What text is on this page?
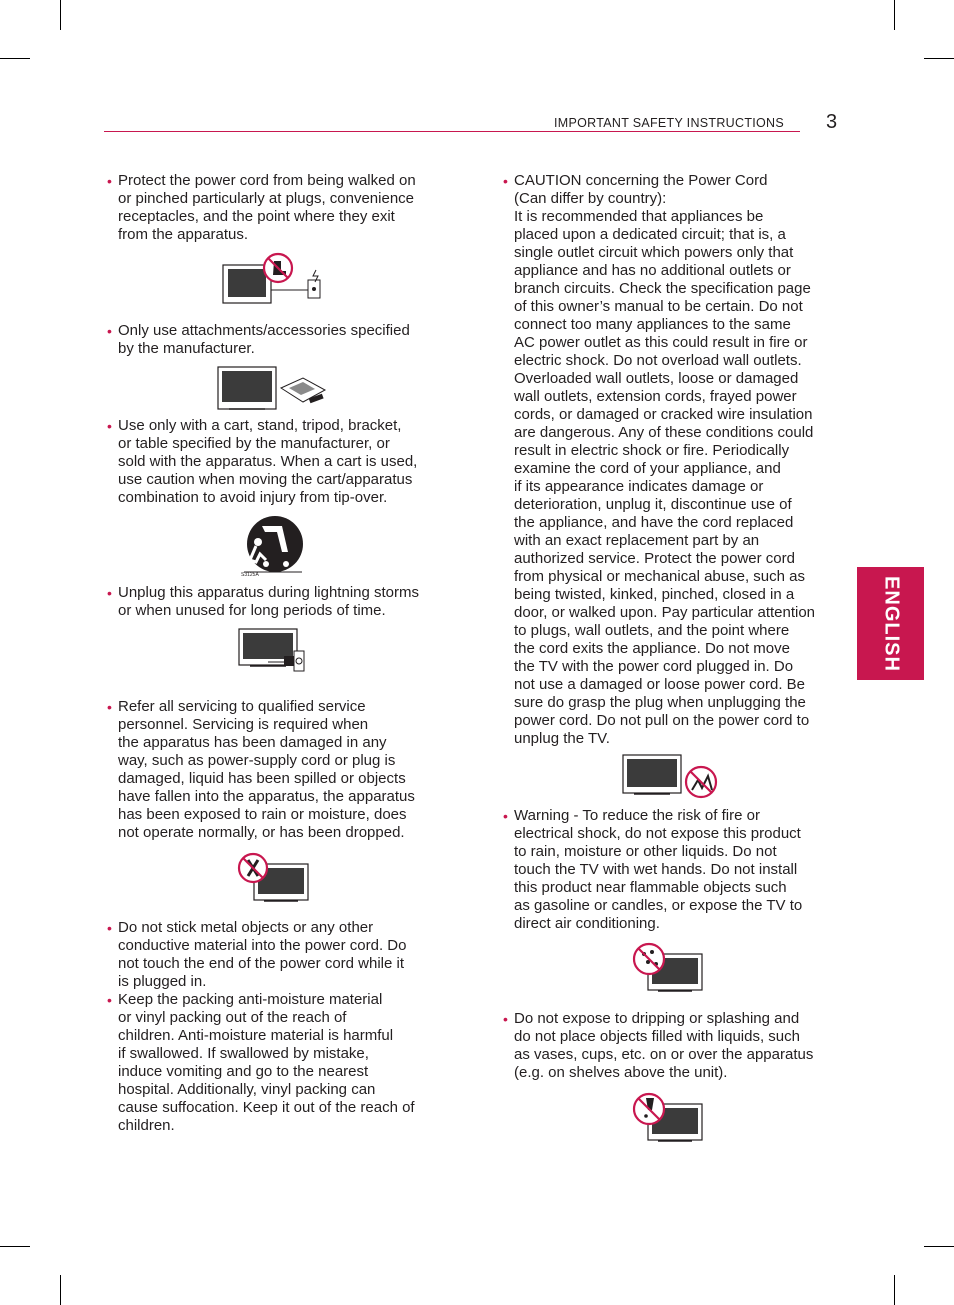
IMPORTANT SAFETY INSTRUCTIONS 3
ENGLISH
• Protect the power cord from being walked on
or pinched particularly at plugs, convenience
receptacles, and the point where they exit
from the apparatus.

• Only use attachments/accessories specified
by the manufacturer.

• Use only with a cart, stand, tripod, bracket,
or table specified by the manufacturer, or
sold with the apparatus. When a cart is used,
use caution when moving the cart/apparatus
combination to avoid injury from tip-over.

S3125A
• Unplug this apparatus during lightning storms
or when unused for long periods of time.

• Refer all servicing to qualified service
personnel. Servicing is required when
the apparatus has been damaged in any
way, such as power-supply cord or plug is
damaged, liquid has been spilled or objects
have fallen into the apparatus, the apparatus
has been exposed to rain or moisture, does
not operate normally, or has been dropped.

• Do not stick metal objects or any other
conductive material into the power cord. Do
not touch the end of the power cord while it
is plugged in.

• Keep the packing anti-moisture material
or vinyl packing out of the reach of
children. Anti-moisture material is harmful
if swallowed. If swallowed by mistake,
induce vomiting and go to the nearest
hospital. Additionally, vinyl packing can
cause suffocation. Keep it out of the reach of
children.

• CAUTION concerning the Power Cord
(Can differ by country):
It is recommended that appliances be
placed upon a dedicated circuit; that is, a
single outlet circuit which powers only that
appliance and has no additional outlets or
branch circuits. Check the specification page
of this owner’s manual to be certain. Do not
connect too many appliances to the same
AC power outlet as this could result in fire or
electric shock. Do not overload wall outlets.
Overloaded wall outlets, loose or damaged
wall outlets, extension cords, frayed power
cords, or damaged or cracked wire insulation
are dangerous. Any of these conditions could
result in electric shock or fire. Periodically
examine the cord of your appliance, and
if its appearance indicates damage or
deterioration, unplug it, discontinue use of
the appliance, and have the cord replaced
with an exact replacement part by an
authorized service. Protect the power cord
from physical or mechanical abuse, such as
being twisted, kinked, pinched, closed in a
door, or walked upon. Pay particular attention
to plugs, wall outlets, and the point where
the cord exits the appliance. Do not move
the TV with the power cord plugged in. Do
not use a damaged or loose power cord. Be
sure do grasp the plug when unplugging the
power cord. Do not pull on the power cord to
unplug the TV.

• Warning - To reduce the risk of fire or
electrical shock, do not expose this product
to rain, moisture or other liquids. Do not
touch the TV with wet hands. Do not install
this product near flammable objects such
as gasoline or candles, or expose the TV to
direct air conditioning.

• Do not expose to dripping or splashing and
do not place objects filled with liquids, such
as vases, cups, etc. on or over the apparatus
(e.g. on shelves above the unit).
